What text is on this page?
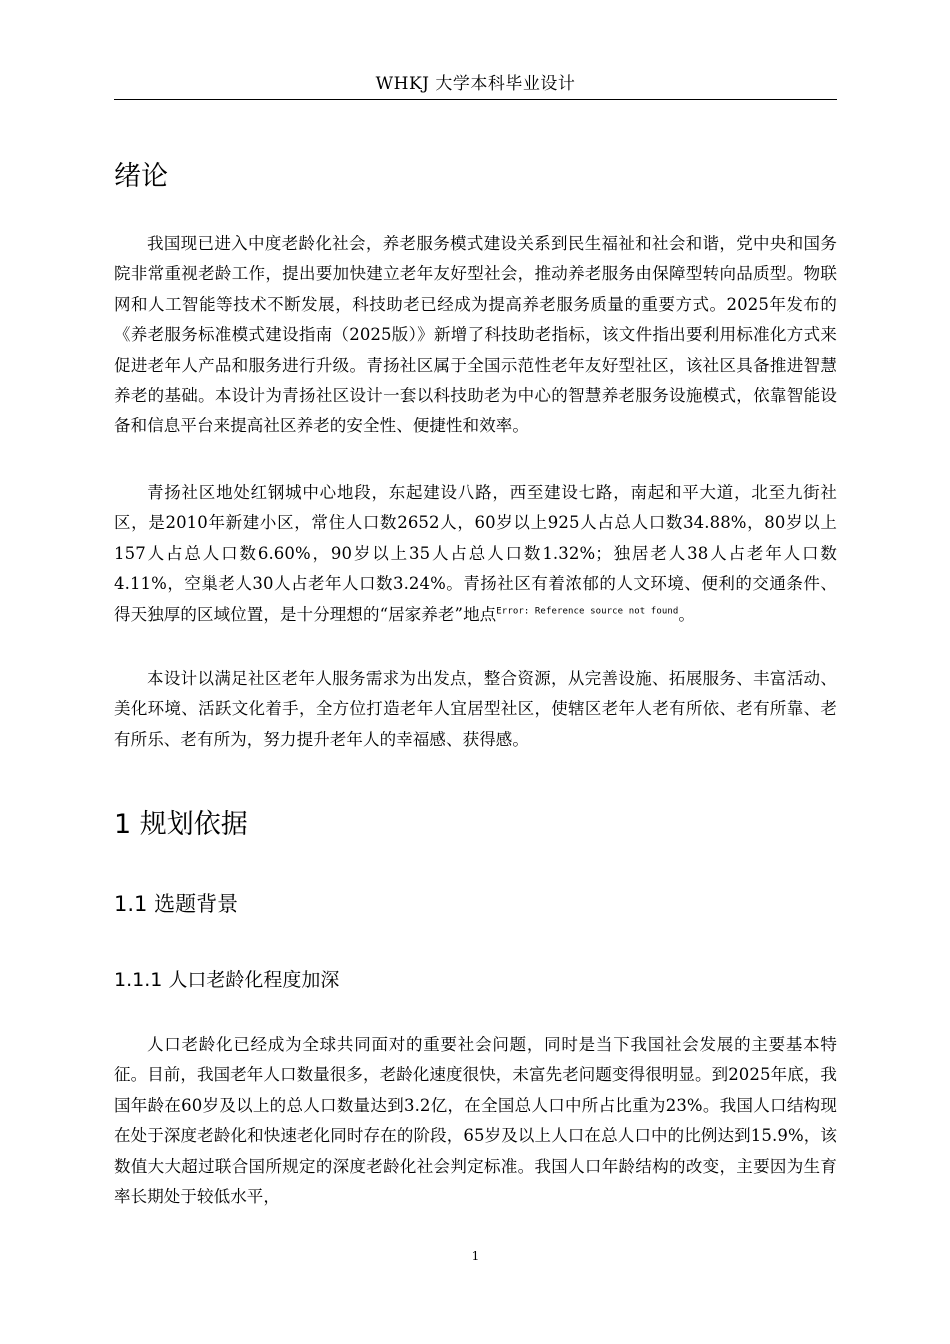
WHKJ 大学本科毕业设计
绪论

我国现已进入中度老龄化社会，养老服务模式建设关系到民生福祉和社会和谐，党中央和国务院非常重视老龄工作，提出要加快建立老年友好型社会，推动养老服务由保障型转向品质型。物联网和人工智能等技术不断发展，科技助老已经成为提高养老服务质量的重要方式。2025年发布的《养老服务标准模式建设指南（2025版）》新增了科技助老指标，该文件指出要利用标准化方式来促进老年人产品和服务进行升级。青扬社区属于全国示范性老年友好型社区，该社区具备推进智慧养老的基础。本设计为青扬社区设计一套以科技助老为中心的智慧养老服务设施模式，依靠智能设备和信息平台来提高社区养老的安全性、便捷性和效率。

青扬社区地处红钢城中心地段，东起建设八路，西至建设七路，南起和平大道，北至九街社区，是2010年新建小区，常住人口数2652人，60岁以上925人占总人口数34.88%，80岁以上157人占总人口数6.60%，90岁以上35人占总人口数1.32%；独居老人38人占老年人口数4.11%，空巢老人30人占老年人口数3.24%。青扬社区有着浓郁的人文环境、便利的交通条件、得天独厚的区域位置，是十分理想的“居家养老”地点$^{Error: Reference source not found}$。

本设计以满足社区老年人服务需求为出发点，整合资源，从完善设施、拓展服务、丰富活动、美化环境、活跃文化着手，全方位打造老年人宜居型社区，使辖区老年人老有所依、老有所靠、老有所乐、老有所为，努力提升老年人的幸福感、获得感。

1 规划依据
1.1 选题背景
1.1.1 人口老龄化程度加深

人口老龄化已经成为全球共同面对的重要社会问题，同时是当下我国社会发展的主要基本特征。目前，我国老年人口数量很多，老龄化速度很快，未富先老问题变得很明显。到2025年底，我国年龄在60岁及以上的总人口数量达到3.2亿，在全国总人口中所占比重为23%。我国人口结构现在处于深度老龄化和快速老化同时存在的阶段，65岁及以上人口在总人口中的比例达到15.9%，该数值大大超过联合国所规定的深度老龄化社会判定标准。我国人口年龄结构的改变，主要因为生育率长期处于较低水平，

1
